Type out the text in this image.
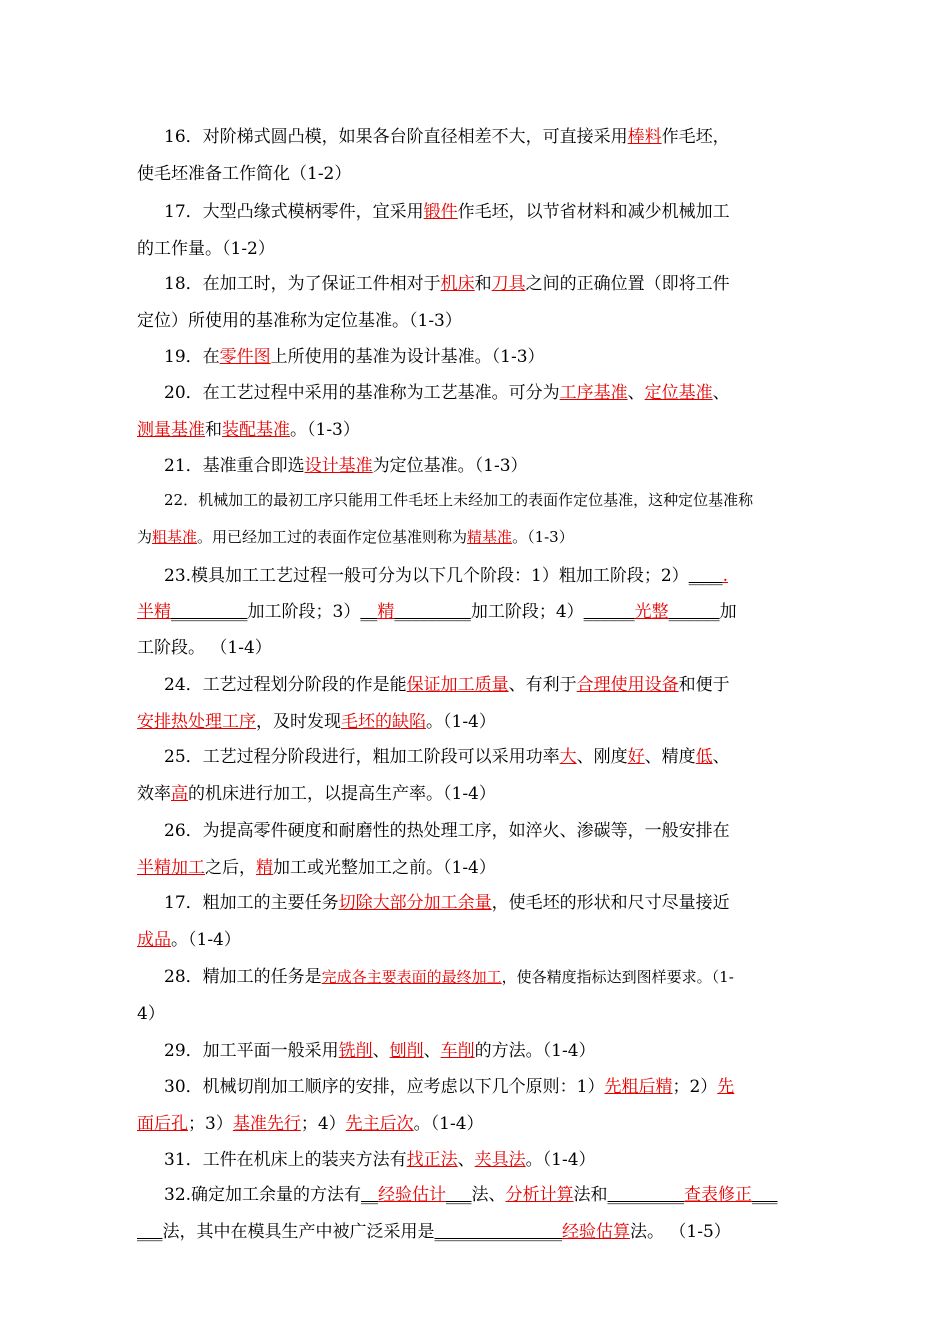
16．对阶梯式圆凸模，如果各台阶直径相差不大，可直接采用棒料作毛坯，
使毛坯准备工作简化（1-2）
17．大型凸缘式模柄零件，宜采用锻件作毛坯，以节省材料和减少机械加工
的工作量。（1-2）
18．在加工时，为了保证工件相对于机床和刀具之间的正确位置（即将工件
定位）所使用的基准称为定位基准。（1-3）
19．在零件图上所使用的基准为设计基准。（1-3）
20．在工艺过程中采用的基准称为工艺基准。可分为工序基准、定位基准、
测量基准和装配基准。（1-3）
21．基准重合即选设计基准为定位基准。（1-3）
22．机械加工的最初工序只能用工件毛坯上未经加工的表面作定位基准，这种定位基准称
为粗基准。用已经加工过的表面作定位基准则称为精基准。（1-3）
23.模具加工工艺过程一般可分为以下几个阶段：1）粗加工阶段；2）____.
半精_________加工阶段；3）__精_________加工阶段；4）______光整______加
工阶段。 （1-4）
24．工艺过程划分阶段的作是能保证加工质量、有利于合理使用设备和便于
安排热处理工序，及时发现毛坯的缺陷。（1-4）
25．工艺过程分阶段进行，粗加工阶段可以采用功率大、刚度好、精度低、
效率高的机床进行加工，以提高生产率。（1-4）
26．为提高零件硬度和耐磨性的热处理工序，如淬火、渗碳等，一般安排在
半精加工之后，精加工或光整加工之前。（1-4）
17．粗加工的主要任务切除大部分加工余量，使毛坯的形状和尺寸尽量接近
成品。（1-4）
28．精加工的任务是完成各主要表面的最终加工，使各精度指标达到图样要求。（1-
4）
29．加工平面一般采用铣削、刨削、车削的方法。（1-4）
30．机械切削加工顺序的安排，应考虑以下几个原则：1）先粗后精；2）先
面后孔；3）基准先行；4）先主后次。（1-4）
31．工件在机床上的装夹方法有找正法、夹具法。（1-4）
32.确定加工余量的方法有__经验估计___法、分析计算法和_________查表修正___
___法，其中在模具生产中被广泛采用是_______________经验估算法。 （1-5）
